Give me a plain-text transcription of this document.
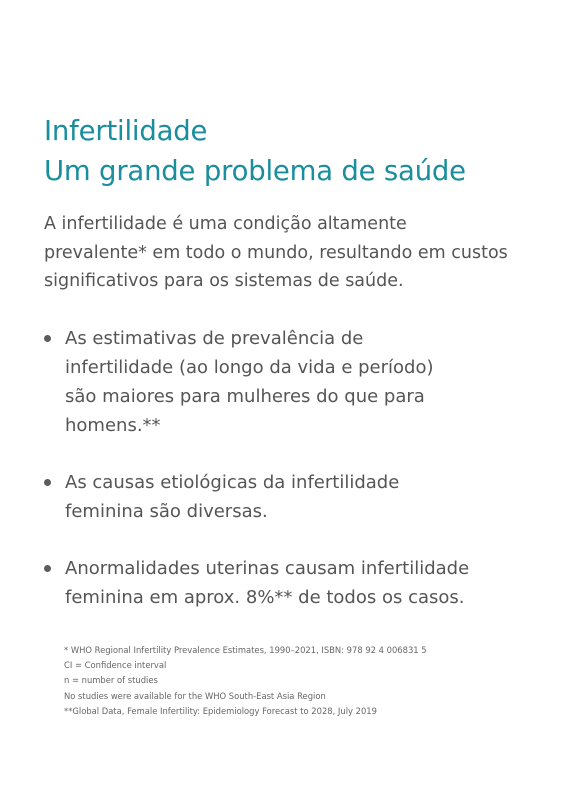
Infertilidade
Um grande problema de saúde

A infertilidade é uma condição altamente
prevalente* em todo o mundo, resultando em custos
significativos para os sistemas de saúde.

As estimativas de prevalência de
infertilidade (ao longo da vida e período)
são maiores para mulheres do que para
homens.**
As causas etiológicas da infertilidade
feminina são diversas.
Anormalidades uterinas causam infertilidade
feminina em aprox. 8%** de todos os casos.
* WHO Regional Infertility Prevalence Estimates, 1990–2021, ISBN: 978 92 4 006831 5
CI = Confidence interval
n = number of studies
No studies were available for the WHO South-East Asia Region
**Global Data, Female Infertility: Epidemiology Forecast to 2028, July 2019
